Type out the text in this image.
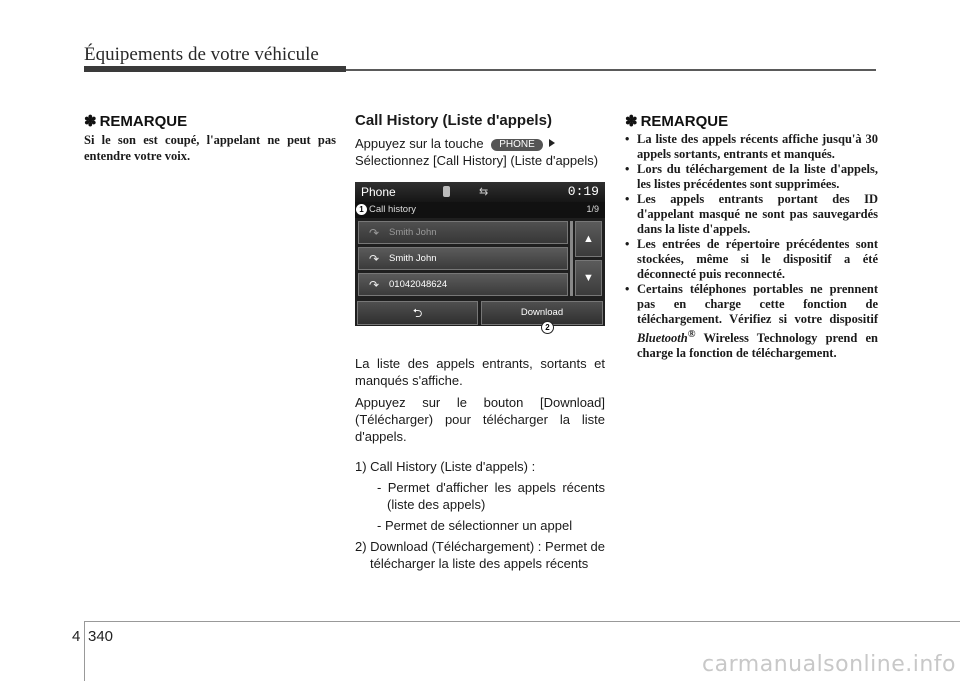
Équipements de votre véhicule
✽ REMARQUE
Si le son est coupé, l'appelant ne peut pas entendre votre voix.
Call History (Liste d'appels)

Appuyez sur la touche PHONE
Sélectionnez [Call History] (Liste d'appels)

Phone	⇆	0:19
1 Call history	1/9
↷ Smith John
↷ Smith John
↷ 01042048624
▲
▼
⮌	Download
2

La liste des appels entrants, sortants et manqués s'affiche.

Appuyez sur le bouton [Download] (Télécharger) pour télécharger la liste d'appels.

1) Call History (Liste d'appels) :
- Permet d'afficher les appels récents (liste des appels)
- Permet de sélectionner un appel
2) Download (Téléchargement) : Permet de télécharger la liste des appels récents
✽ REMARQUE
• La liste des appels récents affiche jusqu'à 30 appels sortants, entrants et manqués.
• Lors du téléchargement de la liste d'appels, les listes précédentes sont supprimées.
• Les appels entrants portant des ID d'appelant masqué ne sont pas sauvegardés dans la liste d'appels.
• Les entrées de répertoire précédentes sont stockées, même si le dispositif a été déconnecté puis reconnecté.
• Certains téléphones portables ne prennent pas en charge cette fonction de téléchargement. Vérifiez si votre dispositif Bluetooth® Wireless Technology prend en charge la fonction de téléchargement.
4 340
carmanualsonline.info
